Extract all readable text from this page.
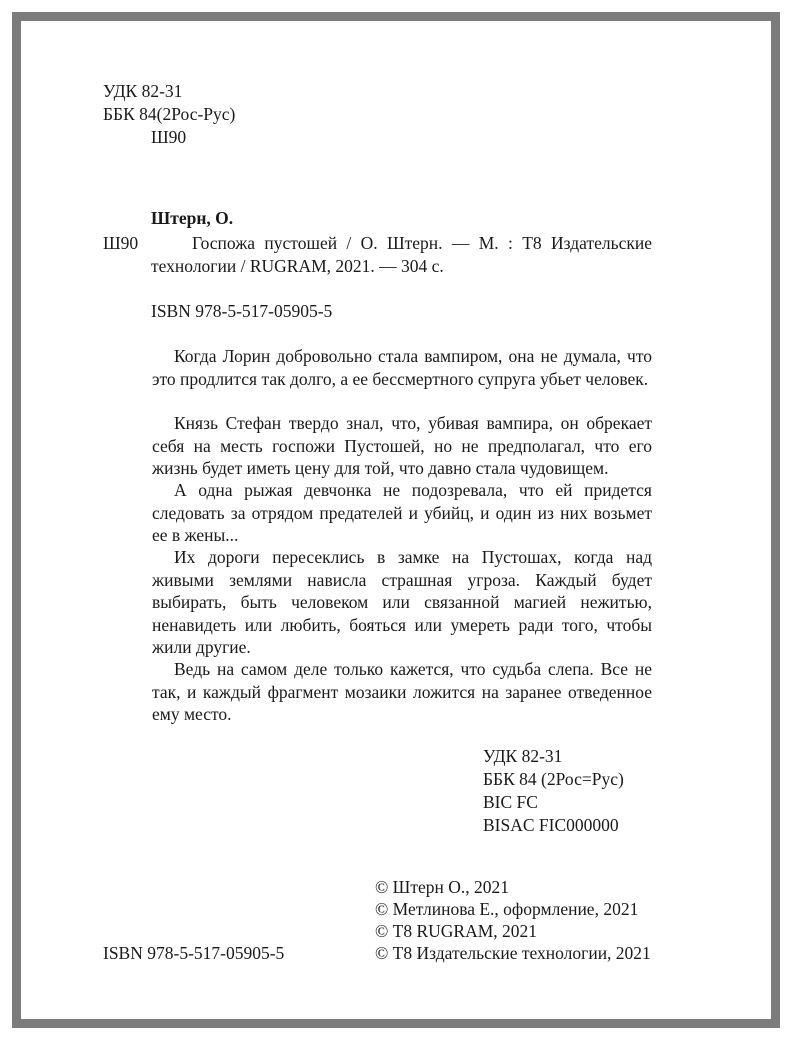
УДК 82-31
ББК 84(2Рос-Рус)
Ш90
Штерн, О.
Ш90	Госпожа пустошей / О. Штерн. — М. : Т8 Издательские
технологии / RUGRAM, 2021. — 304 с.
ISBN 978-5-517-05905-5
Когда Лорин добровольно стала вампиром, она не думала, что это продлится так долго, а ее бессмертного супруга убьет человек.
Князь Стефан твердо знал, что, убивая вампира, он обрекает себя на месть госпожи Пустошей, но не предполагал, что его жизнь будет иметь цену для той, что давно стала чудовищем.
А одна рыжая девчонка не подозревала, что ей придется следовать за отрядом предателей и убийц, и один из них возьмет ее в жены...
Их дороги пересеклись в замке на Пустошах, когда над живыми землями нависла страшная угроза. Каждый будет выбирать, быть человеком или связанной магией нежитью, ненавидеть или любить, бояться или умереть ради того, чтобы жили другие.
Ведь на самом деле только кажется, что судьба слепа. Все не так, и каждый фрагмент мозаики ложится на заранее отведенное ему место.
УДК 82-31
ББК 84 (2Рос=Рус)
BIC FC
BISAC FIC000000
© Штерн О., 2021
© Метлинова Е., оформление, 2021
© Т8 RUGRAM, 2021
© Т8 Издательские технологии, 2021
ISBN 978-5-517-05905-5
